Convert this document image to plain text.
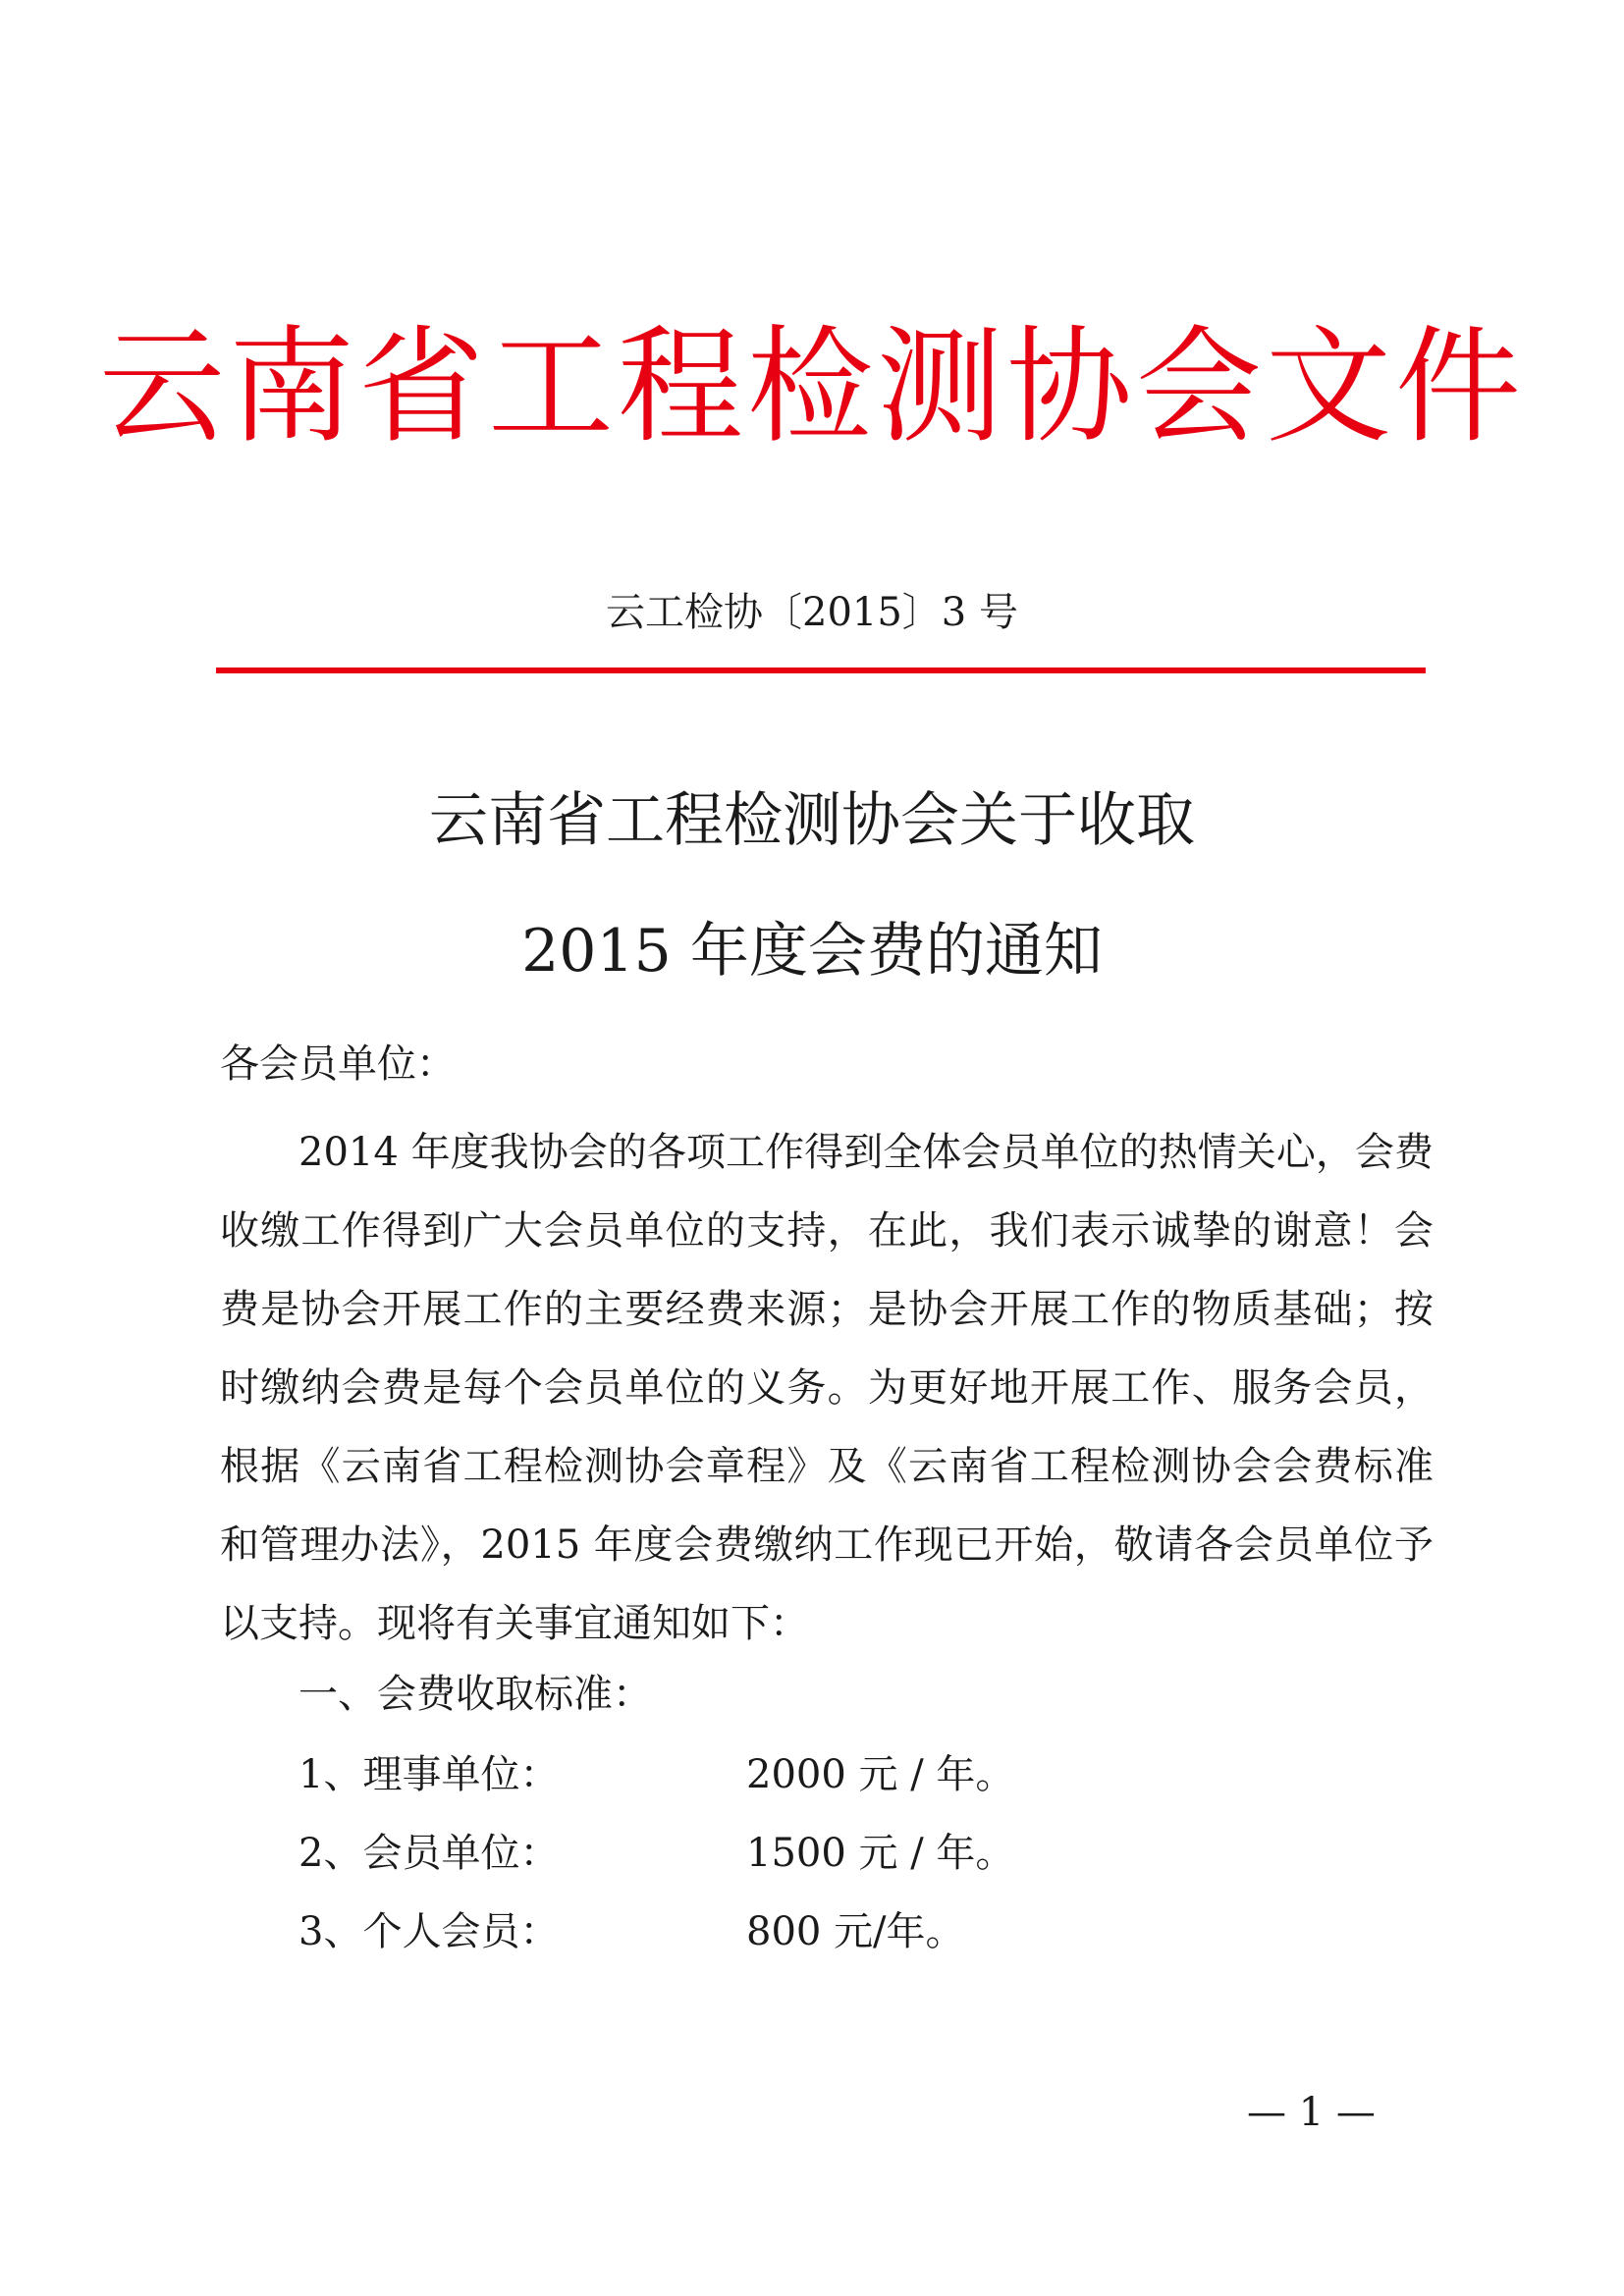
云南省工程检测协会文件
云工检协〔2015〕3 号
云南省工程检测协会关于收取
2015 年度会费的通知
各会员单位：

2014 年度我协会的各项工作得到全体会员单位的热情关心，会费收缴工作得到广大会员单位的支持，在此，我们表示诚挚的谢意！会费是协会开展工作的主要经费来源；是协会开展工作的物质基础；按时缴纳会费是每个会员单位的义务。为更好地开展工作、服务会员，根据《云南省工程检测协会章程》及《云南省工程检测协会会费标准和管理办法》，2015 年度会费缴纳工作现已开始，敬请各会员单位予以支持。现将有关事宜通知如下：

一、会费收取标准：
1、理事单位：	2000 元 / 年。
2、会员单位：	1500 元 / 年。
3、个人会员：	800 元/年。
— 1 —
